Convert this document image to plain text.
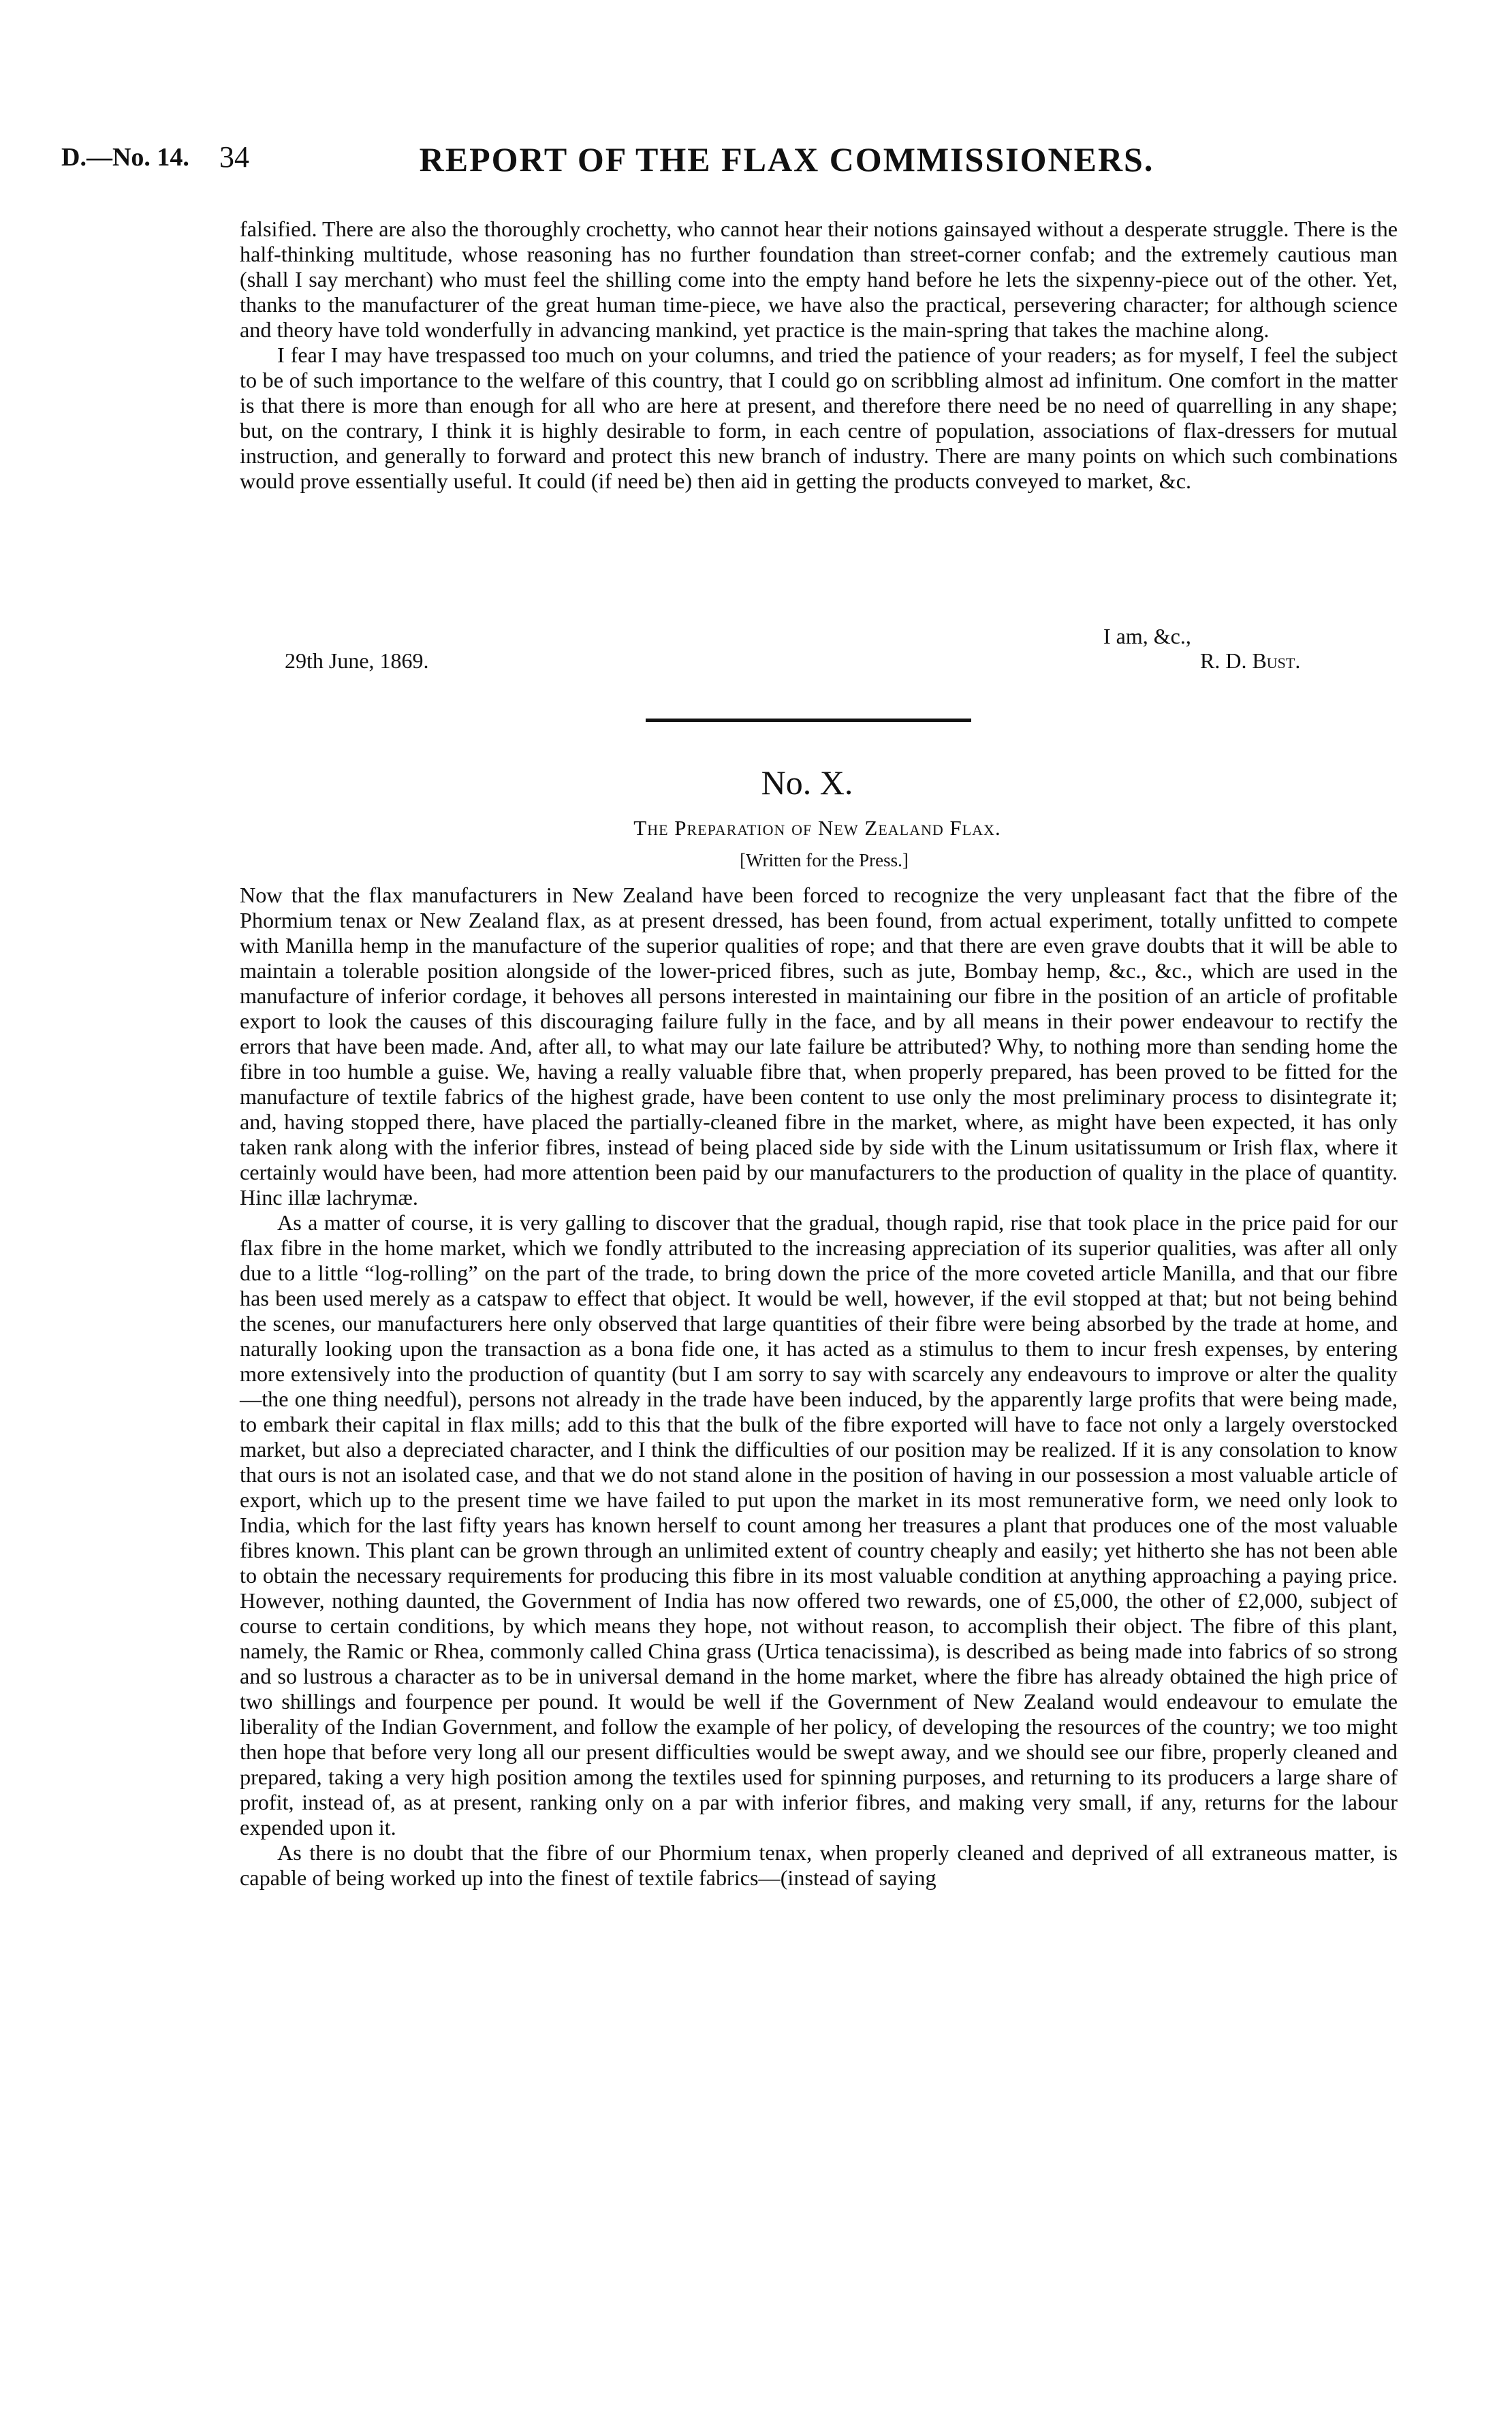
D.—No. 14. 34	REPORT OF THE FLAX COMMISSIONERS.

falsified. There are also the thoroughly crochetty, who cannot hear their notions gainsayed without a desperate struggle. There is the half-thinking multitude, whose reasoning has no further foundation than street-corner confab; and the extremely cautious man (shall I say merchant) who must feel the shilling come into the empty hand before he lets the sixpenny-piece out of the other. Yet, thanks to the manufacturer of the great human time-piece, we have also the practical, persevering character; for although science and theory have told wonderfully in advancing mankind, yet practice is the main-spring that takes the machine along.

I fear I may have trespassed too much on your columns, and tried the patience of your readers; as for myself, I feel the subject to be of such importance to the welfare of this country, that I could go on scribbling almost ad infinitum. One comfort in the matter is that there is more than enough for all who are here at present, and therefore there need be no need of quarrelling in any shape; but, on the contrary, I think it is highly desirable to form, in each centre of population, associations of flax-dressers for mutual instruction, and generally to forward and protect this new branch of industry. There are many points on which such combinations would prove essentially useful. It could (if need be) then aid in getting the products conveyed to market, &c.

I am, &c.,
29th June, 1869.	R. D. Bust.
No. X.
The Preparation of New Zealand Flax.
[Written for the Press.]

Now that the flax manufacturers in New Zealand have been forced to recognize the very unpleasant fact that the fibre of the Phormium tenax or New Zealand flax, as at present dressed, has been found, from actual experiment, totally unfitted to compete with Manilla hemp in the manufacture of the superior qualities of rope; and that there are even grave doubts that it will be able to maintain a tolerable position alongside of the lower-priced fibres, such as jute, Bombay hemp, &c., &c., which are used in the manufacture of inferior cordage, it behoves all persons interested in maintaining our fibre in the position of an article of profitable export to look the causes of this discouraging failure fully in the face, and by all means in their power endeavour to rectify the errors that have been made. And, after all, to what may our late failure be attributed? Why, to nothing more than sending home the fibre in too humble a guise. We, having a really valuable fibre that, when properly prepared, has been proved to be fitted for the manufacture of textile fabrics of the highest grade, have been content to use only the most preliminary process to disintegrate it; and, having stopped there, have placed the partially-cleaned fibre in the market, where, as might have been expected, it has only taken rank along with the inferior fibres, instead of being placed side by side with the Linum usitatissumum or Irish flax, where it certainly would have been, had more attention been paid by our manufacturers to the production of quality in the place of quantity. Hinc illæ lachrymæ.

As a matter of course, it is very galling to discover that the gradual, though rapid, rise that took place in the price paid for our flax fibre in the home market, which we fondly attributed to the increasing appreciation of its superior qualities, was after all only due to a little “log-rolling” on the part of the trade, to bring down the price of the more coveted article Manilla, and that our fibre has been used merely as a catspaw to effect that object. It would be well, however, if the evil stopped at that; but not being behind the scenes, our manufacturers here only observed that large quantities of their fibre were being absorbed by the trade at home, and naturally looking upon the transaction as a bona fide one, it has acted as a stimulus to them to incur fresh expenses, by entering more extensively into the production of quantity (but I am sorry to say with scarcely any endeavours to improve or alter the quality—the one thing needful), persons not already in the trade have been induced, by the apparently large profits that were being made, to embark their capital in flax mills; add to this that the bulk of the fibre exported will have to face not only a largely overstocked market, but also a depreciated character, and I think the difficulties of our position may be realized. If it is any consolation to know that ours is not an isolated case, and that we do not stand alone in the position of having in our possession a most valuable article of export, which up to the present time we have failed to put upon the market in its most remunerative form, we need only look to India, which for the last fifty years has known herself to count among her treasures a plant that produces one of the most valuable fibres known. This plant can be grown through an unlimited extent of country cheaply and easily; yet hitherto she has not been able to obtain the necessary requirements for producing this fibre in its most valuable condition at anything approaching a paying price. However, nothing daunted, the Government of India has now offered two rewards, one of £5,000, the other of £2,000, subject of course to certain conditions, by which means they hope, not without reason, to accomplish their object. The fibre of this plant, namely, the Ramic or Rhea, commonly called China grass (Urtica tenacissima), is described as being made into fabrics of so strong and so lustrous a character as to be in universal demand in the home market, where the fibre has already obtained the high price of two shillings and fourpence per pound. It would be well if the Government of New Zealand would endeavour to emulate the liberality of the Indian Government, and follow the example of her policy, of developing the resources of the country; we too might then hope that before very long all our present difficulties would be swept away, and we should see our fibre, properly cleaned and prepared, taking a very high position among the textiles used for spinning purposes, and returning to its producers a large share of profit, instead of, as at present, ranking only on a par with inferior fibres, and making very small, if any, returns for the labour expended upon it.

As there is no doubt that the fibre of our Phormium tenax, when properly cleaned and deprived of all extraneous matter, is capable of being worked up into the finest of textile fabrics—(instead of saying
